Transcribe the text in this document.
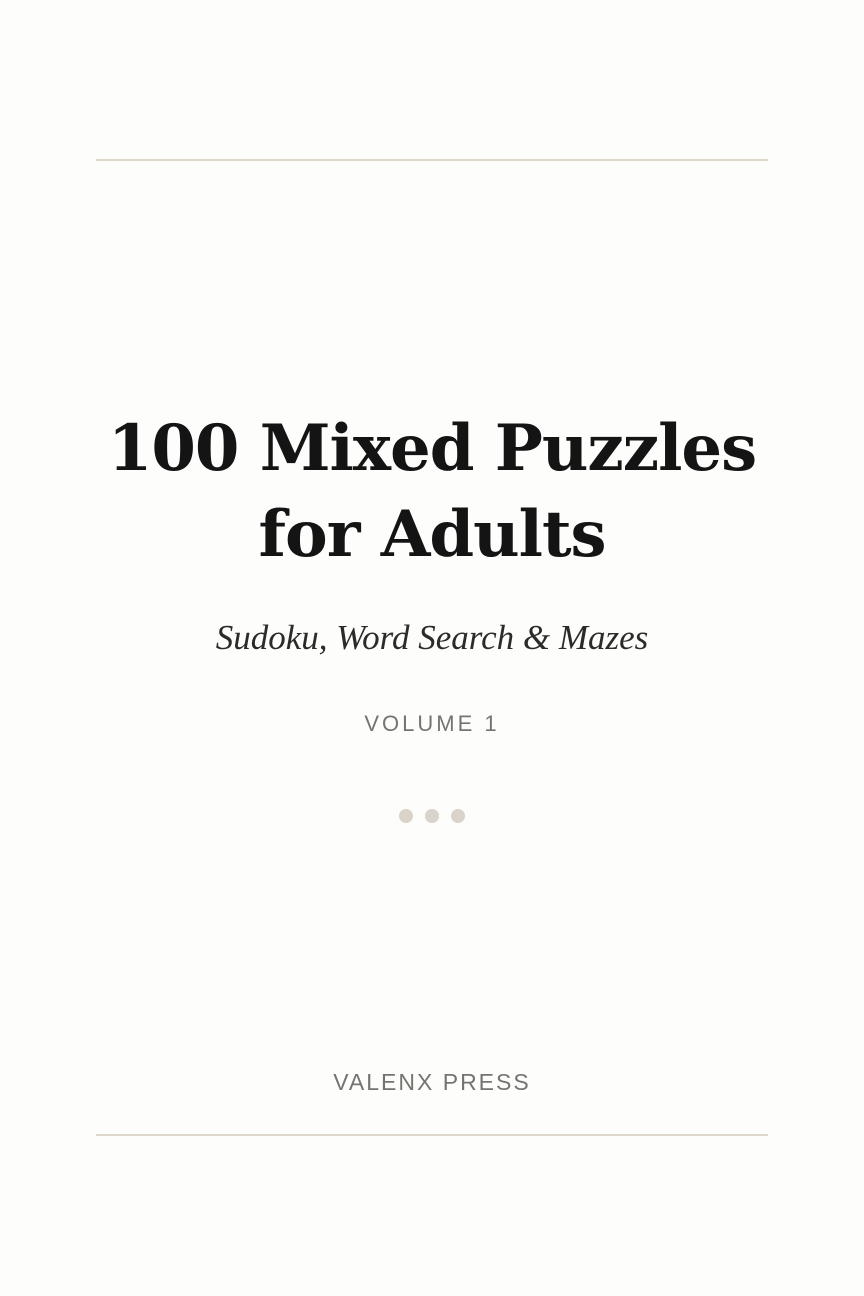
100 Mixed Puzzles
for Adults
Sudoku, Word Search & Mazes
VOLUME 1
VALENX PRESS
